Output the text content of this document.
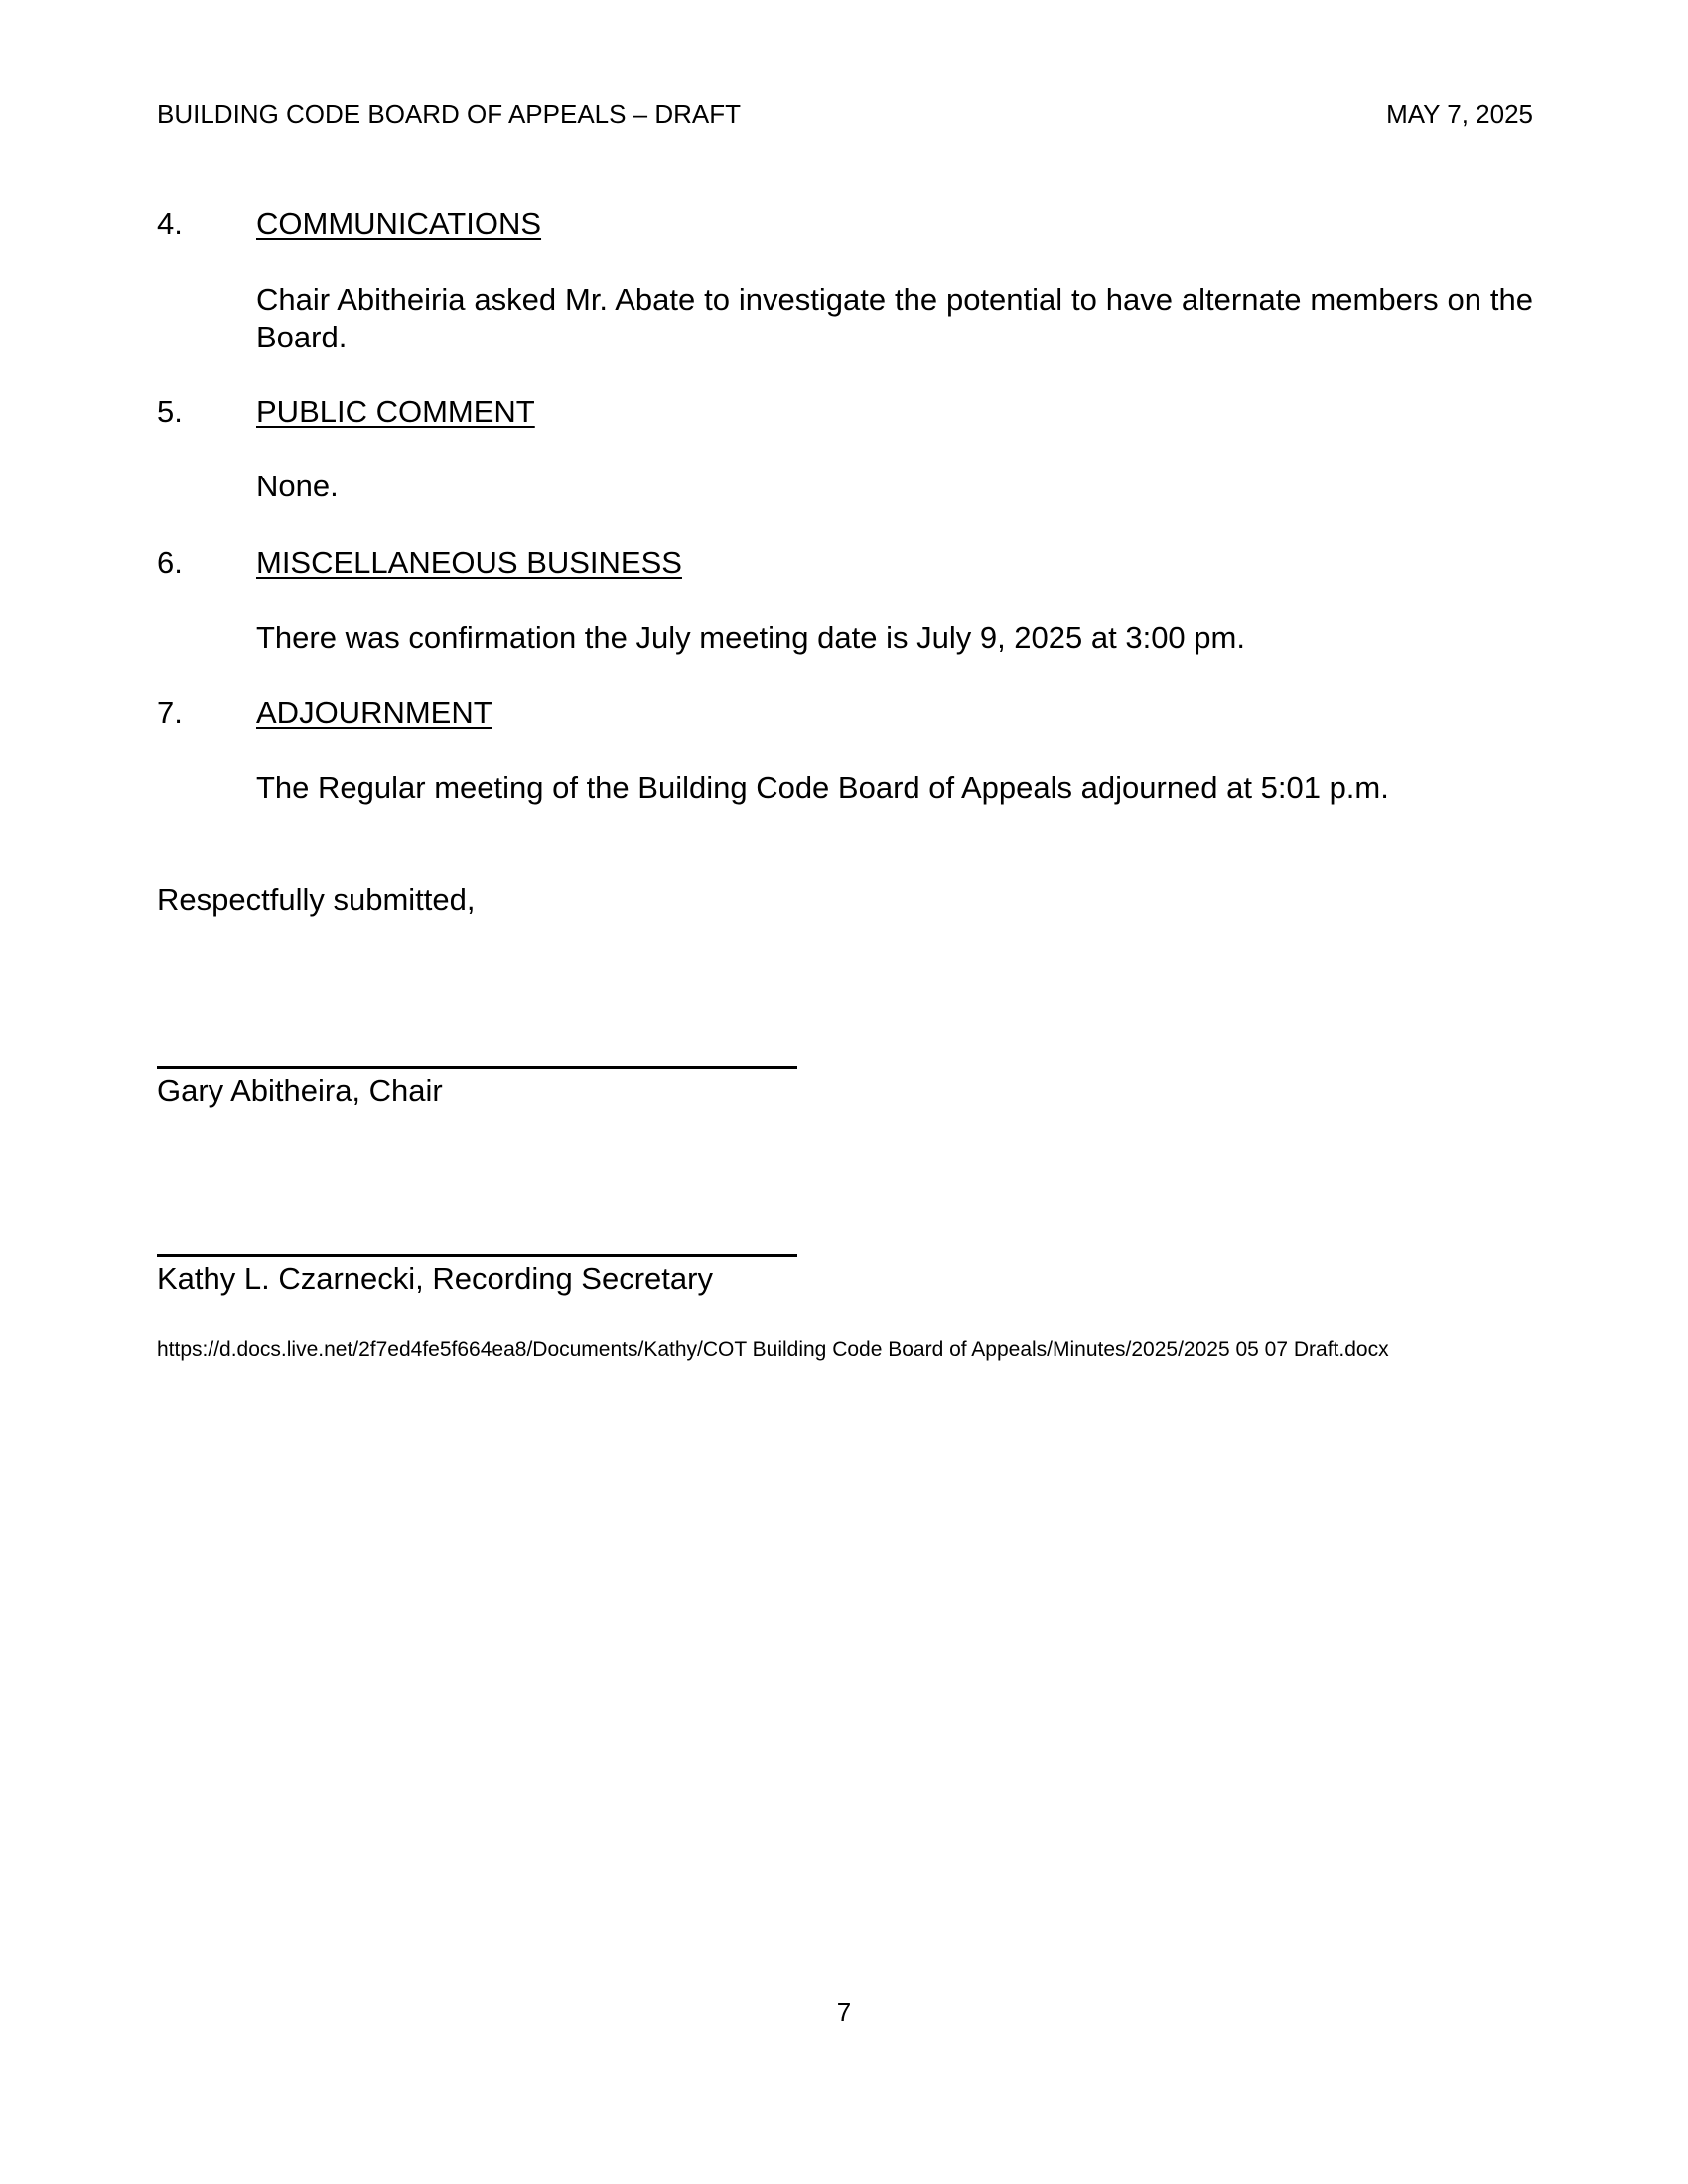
BUILDING CODE BOARD OF APPEALS – DRAFT	MAY 7, 2025
4. COMMUNICATIONS
Chair Abitheiria asked Mr. Abate to investigate the potential to have alternate members on the Board.
5. PUBLIC COMMENT
None.
6. MISCELLANEOUS BUSINESS
There was confirmation the July meeting date is July 9, 2025 at 3:00 pm.
7. ADJOURNMENT
The Regular meeting of the Building Code Board of Appeals adjourned at 5:01 p.m.
Respectfully submitted,
Gary Abitheira, Chair
Kathy L. Czarnecki, Recording Secretary
https://d.docs.live.net/2f7ed4fe5f664ea8/Documents/Kathy/COT Building Code Board of Appeals/Minutes/2025/2025 05 07 Draft.docx
7
